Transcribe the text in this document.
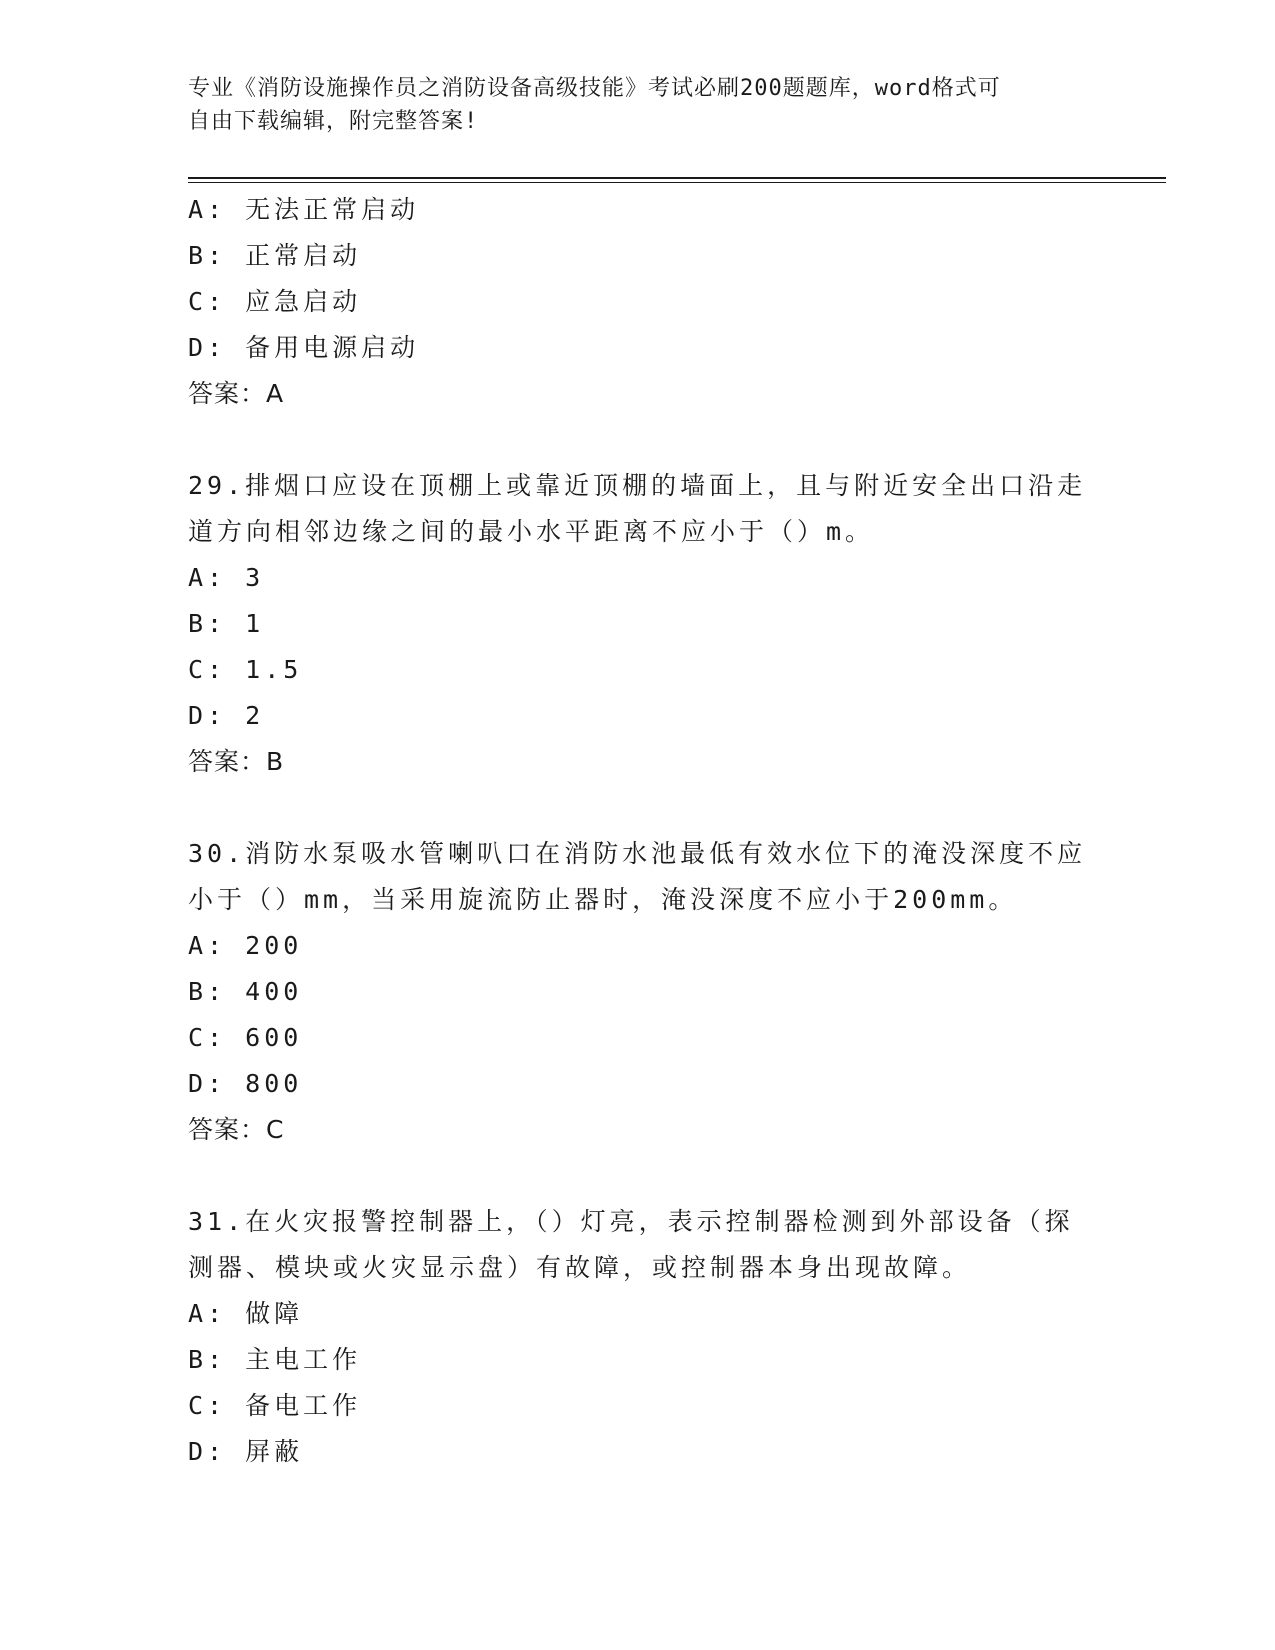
专业《消防设施操作员之消防设备高级技能》考试必刷200题题库，word格式可
自由下载编辑，附完整答案!
A: 无法正常启动
B: 正常启动
C: 应急启动
D: 备用电源启动
答案：A
29.排烟口应设在顶棚上或靠近顶棚的墙面上，且与附近安全出口沿走
道方向相邻边缘之间的最小水平距离不应小于（）m。
A: 3
B: 1
C: 1.5
D: 2
答案：B
30.消防水泵吸水管喇叭口在消防水池最低有效水位下的淹没深度不应
小于（）mm，当采用旋流防止器时，淹没深度不应小于200mm。
A: 200
B: 400
C: 600
D: 800
答案：C
31.在火灾报警控制器上，（）灯亮，表示控制器检测到外部设备（探
测器、模块或火灾显示盘）有故障，或控制器本身出现故障。
A: 做障
B: 主电工作
C: 备电工作
D: 屏蔽
